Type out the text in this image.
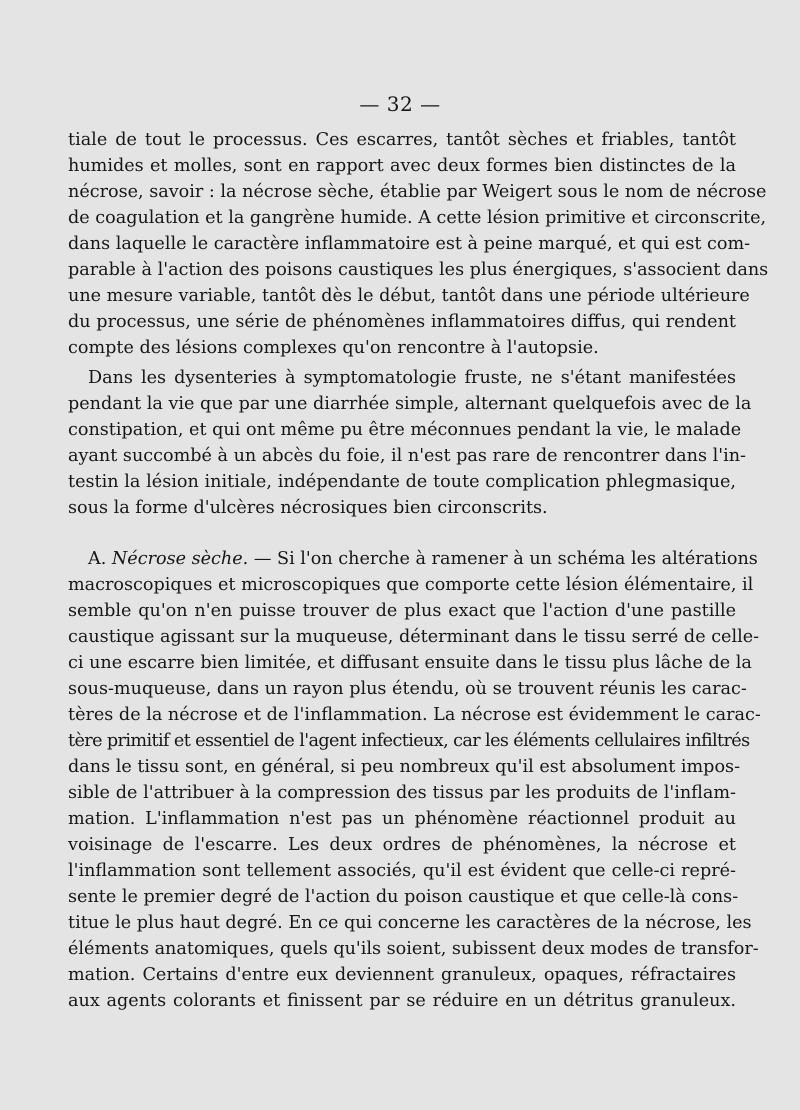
— 32 —
tiale de tout le processus. Ces escarres, tantôt sèches et friables, tantôt
humides et molles, sont en rapport avec deux formes bien distinctes de la
nécrose, savoir : la nécrose sèche, établie par Weigert sous le nom de nécrose
de coagulation et la gangrène humide. A cette lésion primitive et circonscrite,
dans laquelle le caractère inflammatoire est à peine marqué, et qui est com-
parable à l'action des poisons caustiques les plus énergiques, s'associent dans
une mesure variable, tantôt dès le début, tantôt dans une période ultérieure
du processus, une série de phénomènes inflammatoires diffus, qui rendent
compte des lésions complexes qu'on rencontre à l'autopsie.
Dans les dysenteries à symptomatologie fruste, ne s'étant manifestées
pendant la vie que par une diarrhée simple, alternant quelquefois avec de la
constipation, et qui ont même pu être méconnues pendant la vie, le malade
ayant succombé à un abcès du foie, il n'est pas rare de rencontrer dans l'in-
testin la lésion initiale, indépendante de toute complication phlegmasique,
sous la forme d'ulcères nécrosiques bien circonscrits.
A. Nécrose sèche. — Si l'on cherche à ramener à un schéma les altérations
macroscopiques et microscopiques que comporte cette lésion élémentaire, il
semble qu'on n'en puisse trouver de plus exact que l'action d'une pastille
caustique agissant sur la muqueuse, déterminant dans le tissu serré de celle-
ci une escarre bien limitée, et diffusant ensuite dans le tissu plus lâche de la
sous-muqueuse, dans un rayon plus étendu, où se trouvent réunis les carac-
tères de la nécrose et de l'inflammation. La nécrose est évidemment le carac-
tère primitif et essentiel de l'agent infectieux, car les éléments cellulaires infiltrés
dans le tissu sont, en général, si peu nombreux qu'il est absolument impos-
sible de l'attribuer à la compression des tissus par les produits de l'inflam-
mation. L'inflammation n'est pas un phénomène réactionnel produit au
voisinage de l'escarre. Les deux ordres de phénomènes, la nécrose et
l'inflammation sont tellement associés, qu'il est évident que celle-ci repré-
sente le premier degré de l'action du poison caustique et que celle-là cons-
titue le plus haut degré. En ce qui concerne les caractères de la nécrose, les
éléments anatomiques, quels qu'ils soient, subissent deux modes de transfor-
mation. Certains d'entre eux deviennent granuleux, opaques, réfractaires
aux agents colorants et finissent par se réduire en un détritus granuleux.
